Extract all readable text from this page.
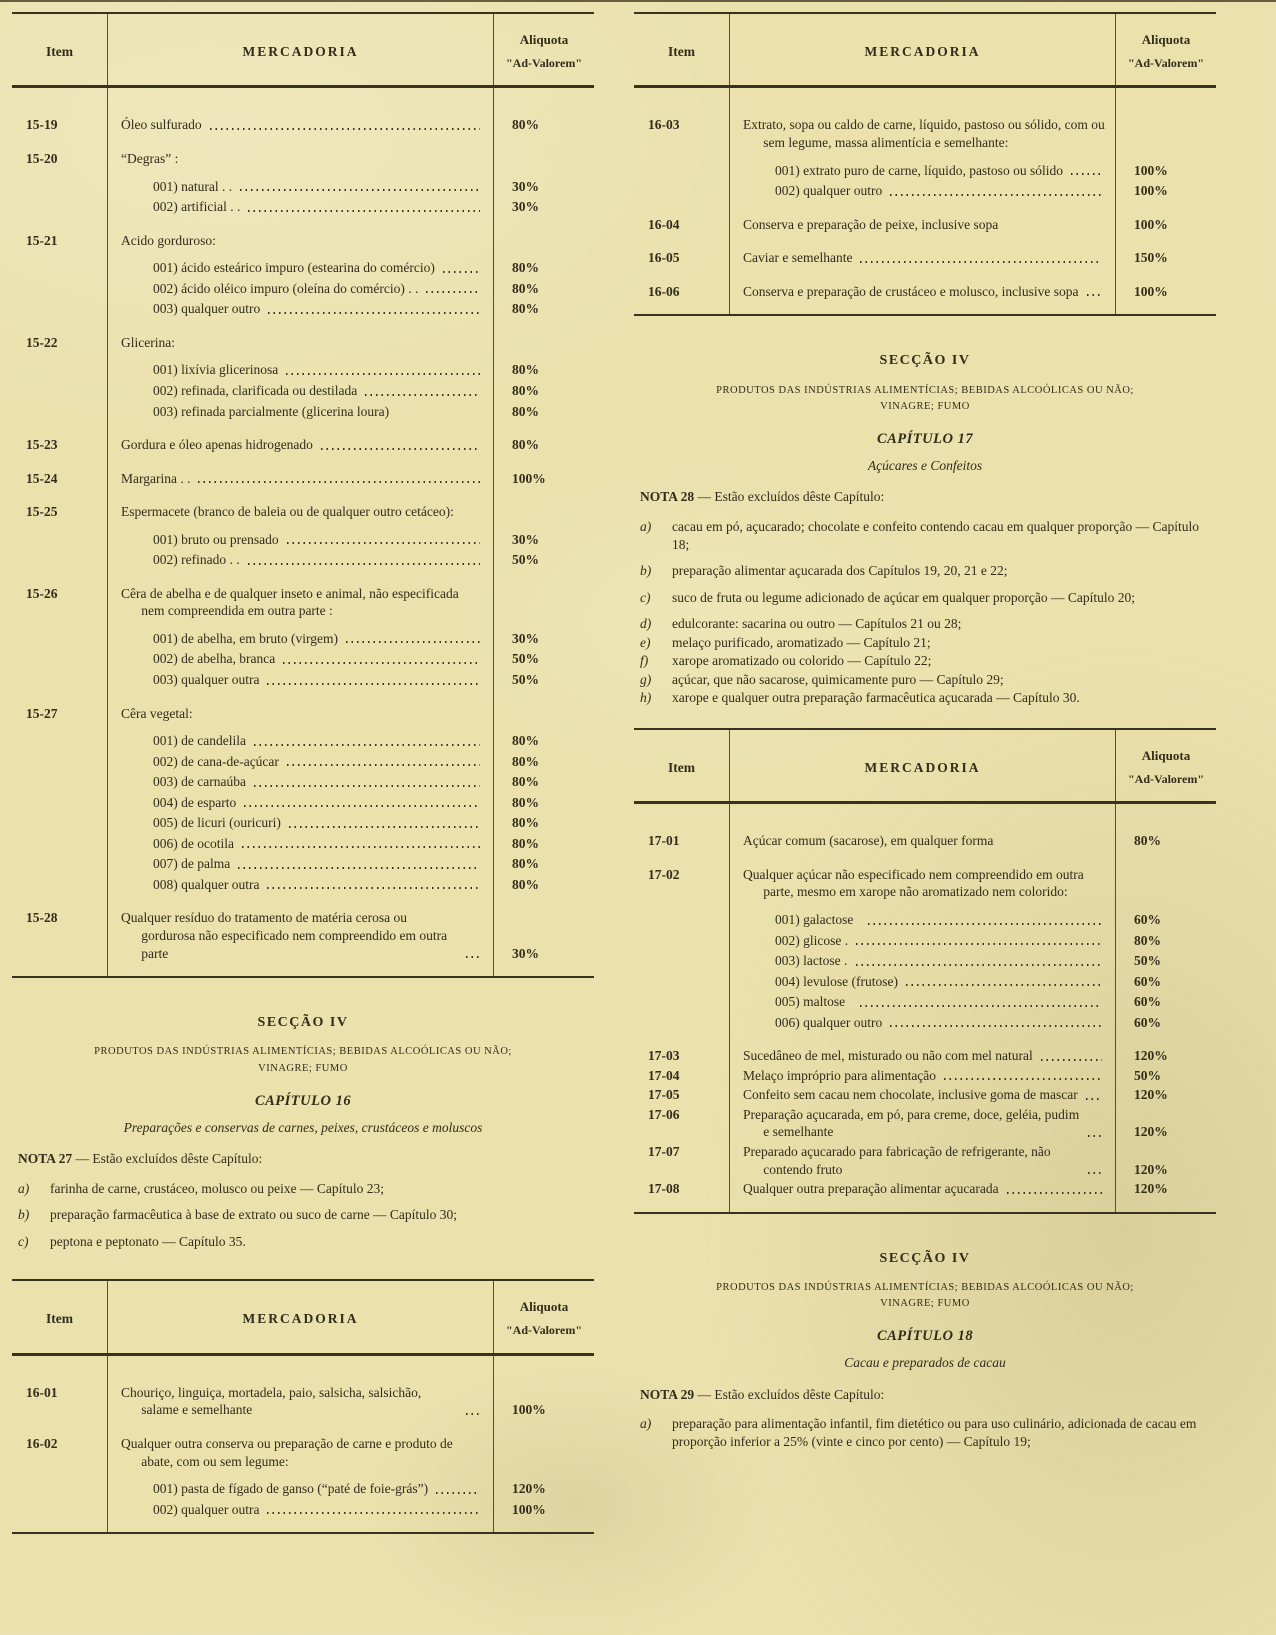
Item	MERCADORIA
Aliquota
"Ad-Valorem"
15-19	Óleo sulfurado	80%
15-20	“Degras” :
001) natural . .	30%
002) artificial . .	30%
15-21	Acido gorduroso:
001) ácido esteárico impuro (estearina do comércio)	80%
002) ácido oléico impuro (oleína do comércio) . .	80%
003) qualquer outro	80%
15-22	Glicerina:
001) lixívia glicerinosa	80%
002) refinada, clarificada ou destilada	80%
003) refinada parcialmente (glicerina loura)	80%
15-23	Gordura e óleo apenas hidrogenado	80%
15-24	Margarina . .	100%
15-25	Espermacete (branco de baleia ou de qualquer outro cetáceo):
001) bruto ou prensado	30%
002) refinado . .	50%
15-26	Cêra de abelha e de qualquer inseto e animal, não especificada nem compreendida em outra parte :
001) de abelha, em bruto (virgem)	30%
002) de abelha, branca	50%
003) qualquer outra	50%
15-27	Cêra vegetal:
001) de candelila	80%
002) de cana-de-açúcar	80%
003) de carnaúba	80%
004) de esparto	80%
005) de licuri (ouricuri)	80%
006) de ocotila	80%
007) de palma	80%
008) qualquer outra	80%
15-28	Qualquer resíduo do tratamento de matéria cerosa ou gordurosa não especificado nem compreendido em outra parte	30%
SECÇÃO IV
PRODUTOS DAS INDÚSTRIAS ALIMENTÍCIAS; BEBIDAS ALCOÓLICAS OU NÃO;
VINAGRE; FUMO
CAPÍTULO 16
Preparações e conservas de carnes, peixes, crustáceos e moluscos
NOTA 27 — Estão excluídos dêste Capítulo:
a)	farinha de carne, crustáceo, molusco ou peixe — Capítulo 23;
b)	preparação farmacêutica à base de extrato ou suco de carne — Capítulo 30;
c)	peptona e peptonato — Capítulo 35.
Item	MERCADORIA
Aliquota
"Ad-Valorem"
16-01	Chouriço, linguiça, mortadela, paio, salsicha, salsichão, salame e semelhante	100%
16-02	Qualquer outra conserva ou preparação de carne e produto de abate, com ou sem legume:
001) pasta de fígado de ganso (“paté de foie-grás”)	120%
002) qualquer outra	100%
Item	MERCADORIA
Aliquota
"Ad-Valorem"
16-03	Extrato, sopa ou caldo de carne, líquido, pastoso ou sólido, com ou sem legume, massa alimentícia e semelhante:
001) extrato puro de carne, líquido, pastoso ou sólido	100%
002) qualquer outro	100%
16-04	Conserva e preparação de peixe, inclusive sopa	100%
16-05	Caviar e semelhante	150%
16-06	Conserva e preparação de crustáceo e molusco, inclusive sopa	100%
SECÇÃO IV
PRODUTOS DAS INDÚSTRIAS ALIMENTÍCIAS; BEBIDAS ALCOÓLICAS OU NÃO;
VINAGRE; FUMO
CAPÍTULO 17
Açúcares e Confeitos
NOTA 28 — Estão excluídos dêste Capítulo:
a)	cacau em pó, açucarado; chocolate e confeito contendo cacau em qualquer proporção — Capítulo 18;
b)	preparação alimentar açucarada dos Capítulos 19, 20, 21 e 22;
c)	suco de fruta ou legume adicionado de açúcar em qualquer proporção — Capítulo 20;
d)	edulcorante: sacarina ou outro — Capítulos 21 ou 28;
e)	melaço purificado, aromatizado — Capítulo 21;
f)	xarope aromatizado ou colorido — Capítulo 22;
g)	açúcar, que não sacarose, quimicamente puro — Capítulo 29;
h)	xarope e qualquer outra preparação farmacêutica açucarada — Capítulo 30.
Item	MERCADORIA
Aliquota
"Ad-Valorem"
17-01	Açúcar comum (sacarose), em qualquer forma	80%
17-02	Qualquer açúcar não especificado nem compreendido em outra parte, mesmo em xarope não aromatizado nem colorido:
001) galactose	60%
002) glicose .	80%
003) lactose .	50%
004) levulose (frutose)	60%
005) maltose	60%
006) qualquer outro	60%
17-03	Sucedâneo de mel, misturado ou não com mel natural	120%
17-04	Melaço impróprio para alimentação	50%
17-05	Confeito sem cacau nem chocolate, inclusive goma de mascar	120%
17-06	Preparação açucarada, em pó, para creme, doce, geléia, pudim e semelhante	120%
17-07	Preparado açucarado para fabricação de refrigerante, não contendo fruto	120%
17-08	Qualquer outra preparação alimentar açucarada	120%
SECÇÃO IV
PRODUTOS DAS INDÚSTRIAS ALIMENTÍCIAS; BEBIDAS ALCOÓLICAS OU NÃO;
VINAGRE; FUMO
CAPÍTULO 18
Cacau e preparados de cacau
NOTA 29 — Estão excluídos dêste Capítulo:
a)	preparação para alimentação infantil, fim dietético ou para uso culinário, adicionada de cacau em proporção inferior a 25% (vinte e cinco por cento) — Capítulo 19;
